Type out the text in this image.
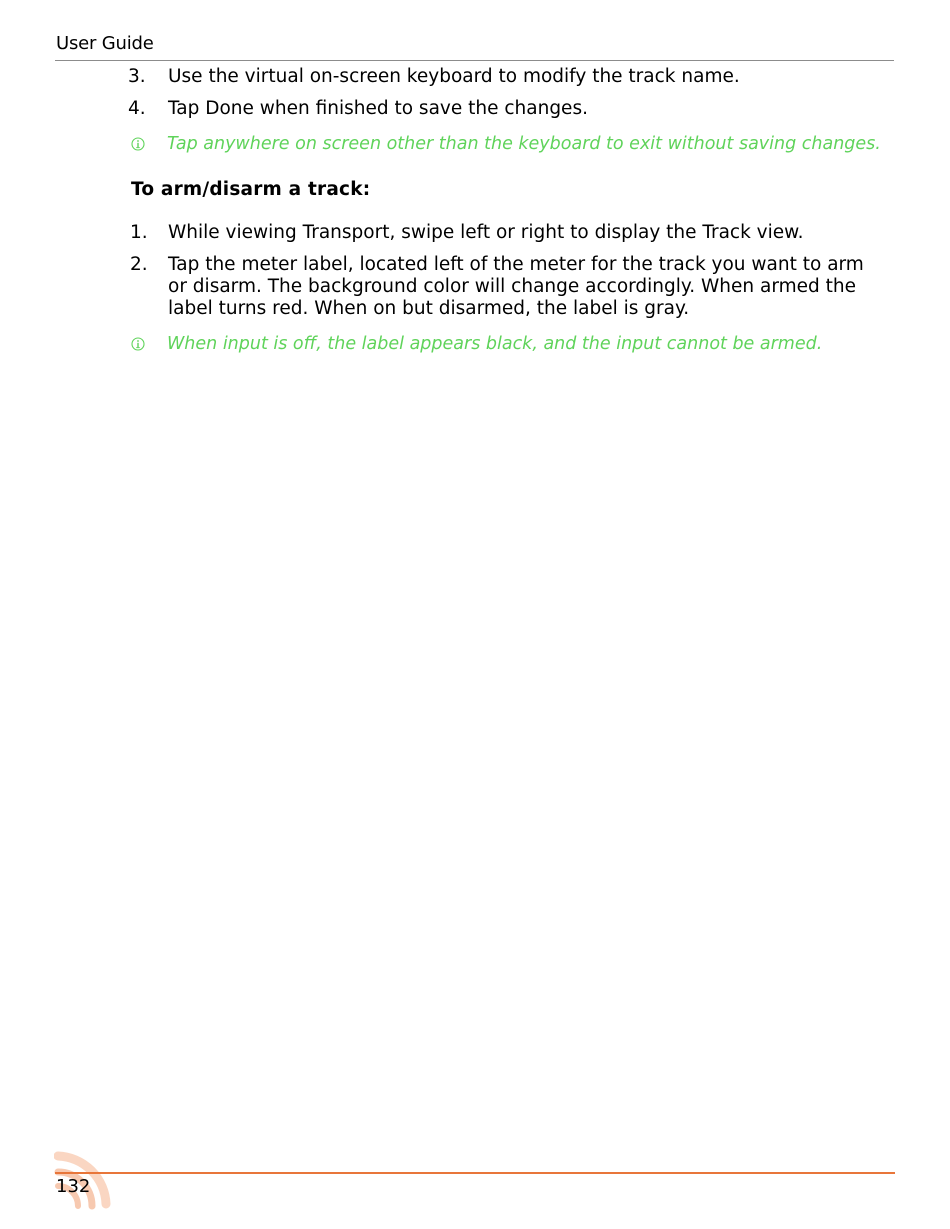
User Guide
3.	Use the virtual on-screen keyboard to modify the track name.
4.	Tap Done when finished to save the changes.
Tap anywhere on screen other than the keyboard to exit without saving changes.
To arm/disarm a track:
1.	While viewing Transport, swipe left or right to display the Track view.
2.	Tap the meter label, located left of the meter for the track you want to arm or disarm. The background color will change accordingly. When armed the label turns red. When on but disarmed, the label is gray.
When input is off, the label appears black, and the input cannot be armed.
132
